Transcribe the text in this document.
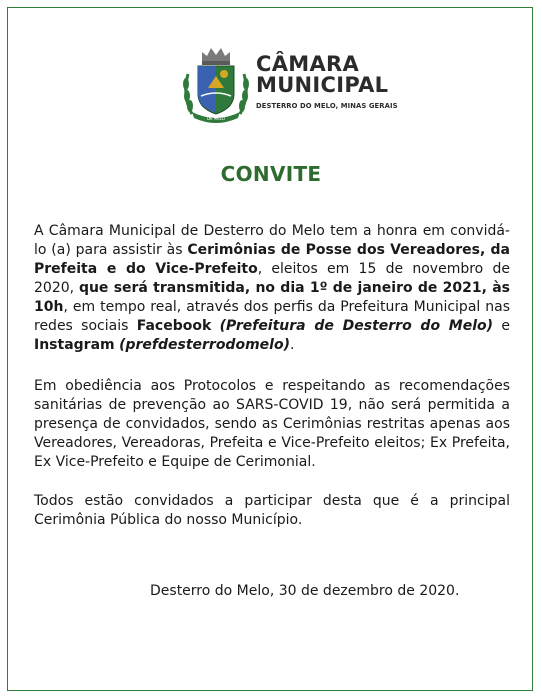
DE MELO
CÂMARA
MUNICIPAL
DESTERRO DO MELO, MINAS GERAIS
CONVITE

A Câmara Municipal de Desterro do Melo tem a honra em convidá-lo (a) para assistir às Cerimônias de Posse dos Vereadores, da Prefeita e do Vice-Prefeito, eleitos em 15 de novembro de 2020, que será transmitida, no dia 1º de janeiro de 2021, às 10h, em tempo real, através dos perfis da Prefeitura Municipal nas redes sociais Facebook (Prefeitura de Desterro do Melo) e Instagram (prefdesterrodomelo).

Em obediência aos Protocolos e respeitando as recomendações sanitárias de prevenção ao SARS-COVID 19, não será permitida a presença de convidados, sendo as Cerimônias restritas apenas aos Vereadores, Vereadoras, Prefeita e Vice-Prefeito eleitos; Ex Prefeita, Ex Vice-Prefeito e Equipe de Cerimonial.

Todos estão convidados a participar desta que é a principal Cerimônia Pública do nosso Município.

Desterro do Melo, 30 de dezembro de 2020.
